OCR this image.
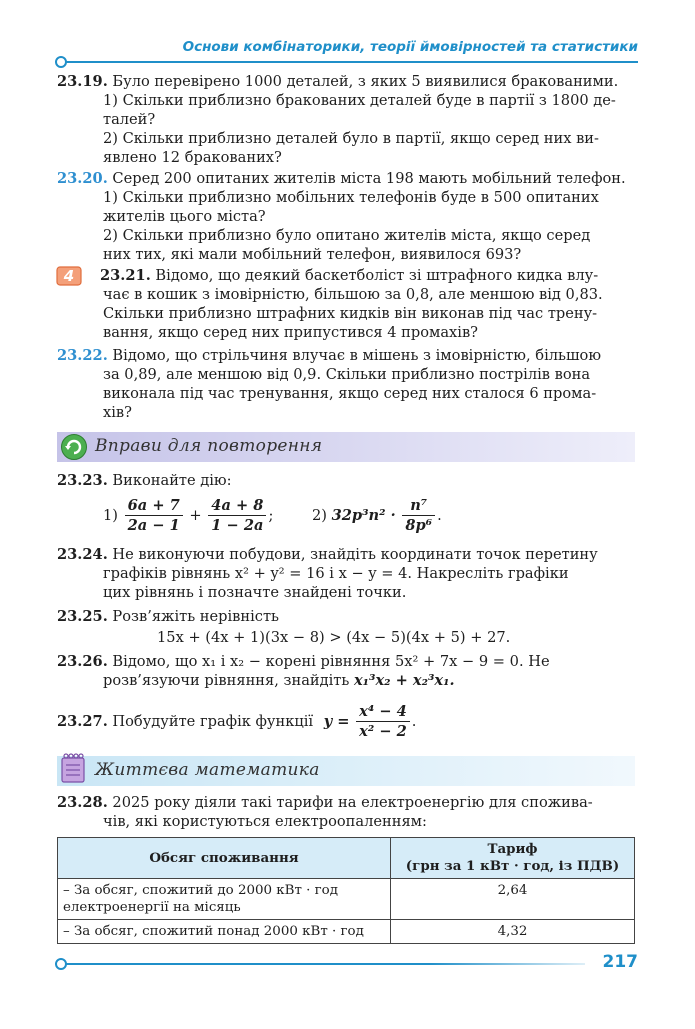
Основи комбінаторики, теорії ймовірностей та статистики
23.19. Було перевірено 1000 деталей, з яких 5 виявилися бракованими.
1) Скільки приблизно бракованих деталей буде в партії з 1800 де-
талей?
2) Скільки приблизно деталей було в партії, якщо серед них ви-
явлено 12 бракованих?
23.20. Серед 200 опитаних жителів міста 198 мають мобільний телефон.
1) Скільки приблизно мобільних телефонів буде в 500 опитаних
жителів цього міста?
2) Скільки приблизно було опитано жителів міста, якщо серед
них тих, які мали мобільний телефон, виявилося 693?
4	23.21. Відомо, що деякий баскетболіст зі штрафного кидка влу-
чає в кошик з імовірністю, більшою за 0,8, але меншою від 0,83.
Скільки приблизно штрафних кидків він виконав під час трену-
вання, якщо серед них припустився 4 промахів?
23.22. Відомо, що стрільчиня влучає в мішень з імовірністю, більшою
за 0,89, але меншою від 0,9. Скільки приблизно пострілів вона
виконала під час тренування, якщо серед них сталося 6 прома-
хів?
Вправи для повторення
23.23. Виконайте дію:
$1) \frac{6a + 7}{2a - 1} + \frac{4a + 8}{1 - 2a}$ ;	2) $32p^3n^2 \cdot \frac{\text{n⁷}}{\text{8p⁶}}$ .
23.24. Не виконуючи побудови, знайдіть координати точок перетину
графіків рівнянь x² + y² = 16 і x − y = 4. Накресліть графіки
цих рівнянь і позначте знайдені точки.
23.25. Розв’яжіть нерівність
15x + (4x + 1)(3x − 8) > (4x − 5)(4x + 5) + 27.
23.26. Відомо, що x₁ і x₂ − корені рівняння 5x² + 7x − 9 = 0. Не
розв’язуючи рівняння, знайдіть x₁³x₂ + x₂³x₁.
23.27. Побудуйте графік функції $y = \frac{\text{x⁴ − 4}}{\text{x² − 2}}$ .
Життєва математика
23.28. 2025 року діяли такі тарифи на електроенергію для спожива-
чів, які користуються електроопаленням:
Обсяг споживання	Тариф
(грн за 1 кВт · год, із ПДВ)

– За обсяг, спожитий до 2000 кВт · год
електроенергії на місяць	2,64
– За обсяг, спожитий понад 2000 кВт · год	4,32
217
